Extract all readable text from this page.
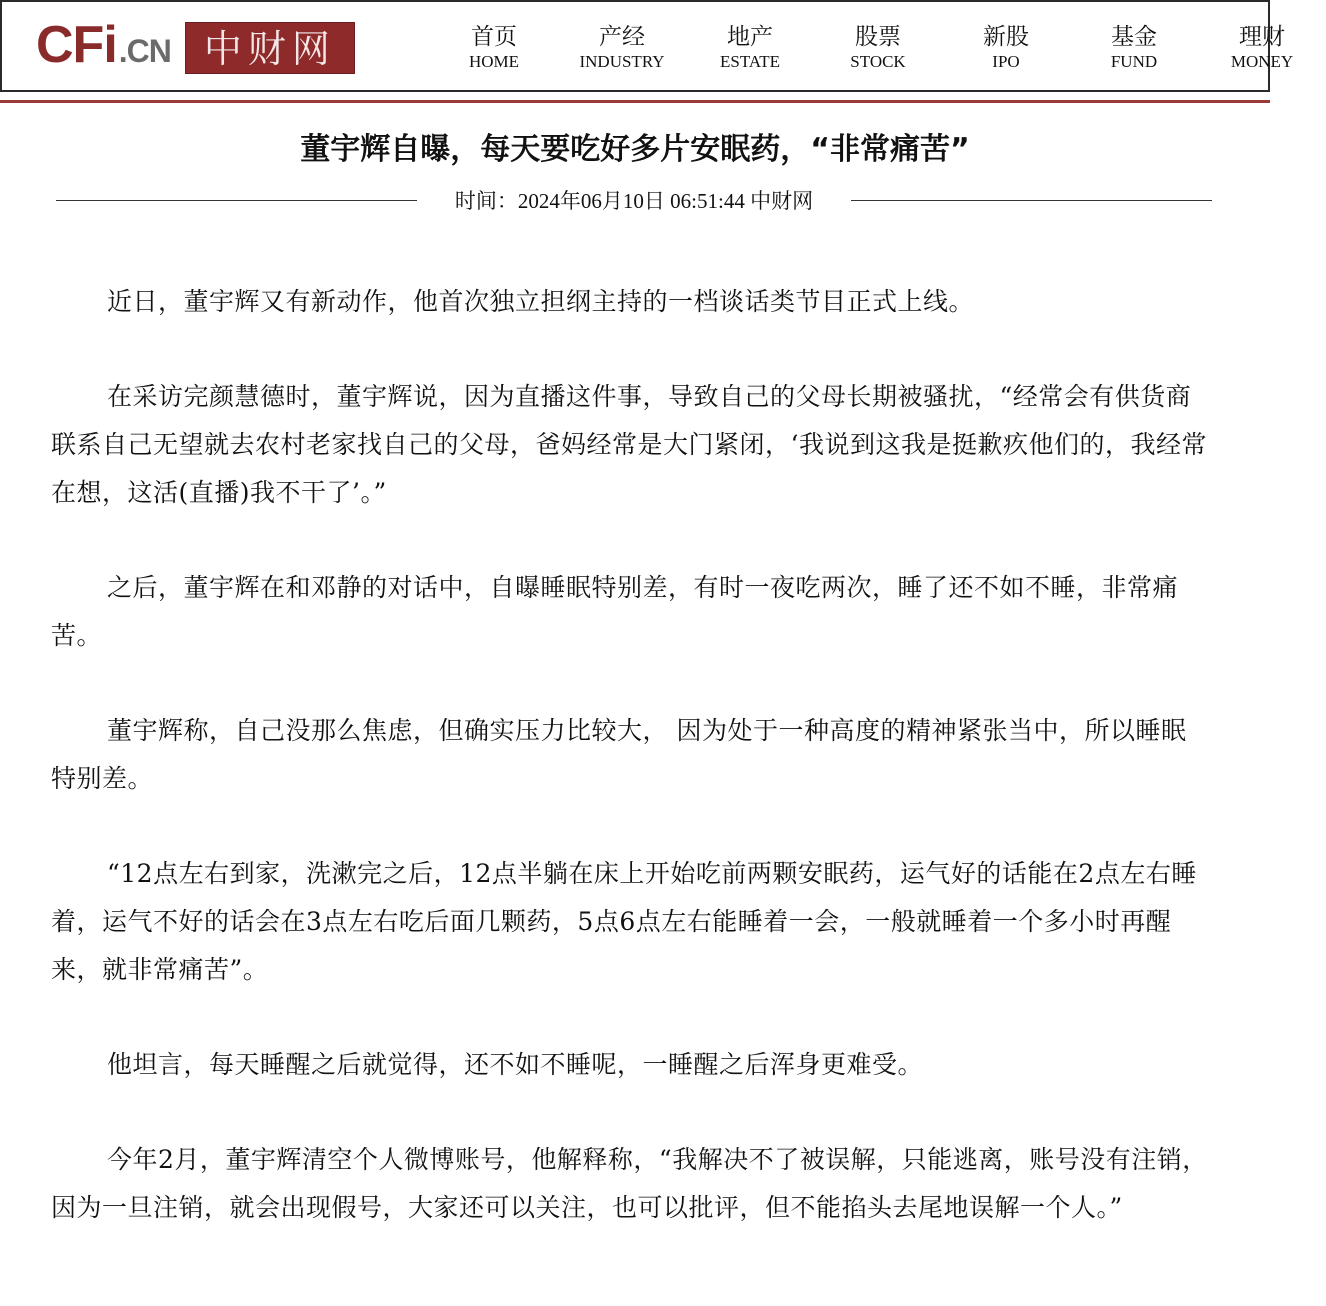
CFi .CN 中财网	首页
HOME
产经
INDUSTRY
地产
ESTATE
股票
STOCK
新股
IPO
基金
FUND
理财
MONEY
董宇辉自曝，每天要吃好多片安眠药，“非常痛苦”
时间：2024年06月10日 06:51:44 中财网

近日，董宇辉又有新动作，他首次独立担纲主持的一档谈话类节目正式上线。

在采访完颜慧德时，董宇辉说，因为直播这件事，导致自己的父母长期被骚扰，“经常会有供货商联系自己无望就去农村老家找自己的父母，爸妈经常是大门紧闭，‘我说到这我是挺歉疚他们的，我经常在想，这活(直播)我不干了’。”

之后，董宇辉在和邓静的对话中，自曝睡眠特别差，有时一夜吃两次，睡了还不如不睡，非常痛苦。

董宇辉称，自己没那么焦虑，但确实压力比较大， 因为处于一种高度的精神紧张当中，所以睡眠特别差。

“12点左右到家，洗漱完之后，12点半躺在床上开始吃前两颗安眠药，运气好的话能在2点左右睡着，运气不好的话会在3点左右吃后面几颗药，5点6点左右能睡着一会，一般就睡着一个多小时再醒来，就非常痛苦”。

他坦言，每天睡醒之后就觉得，还不如不睡呢，一睡醒之后浑身更难受。

今年2月，董宇辉清空个人微博账号，他解释称，“我解决不了被误解，只能逃离，账号没有注销，因为一旦注销，就会出现假号，大家还可以关注，也可以批评，但不能掐头去尾地误解一个人。”
